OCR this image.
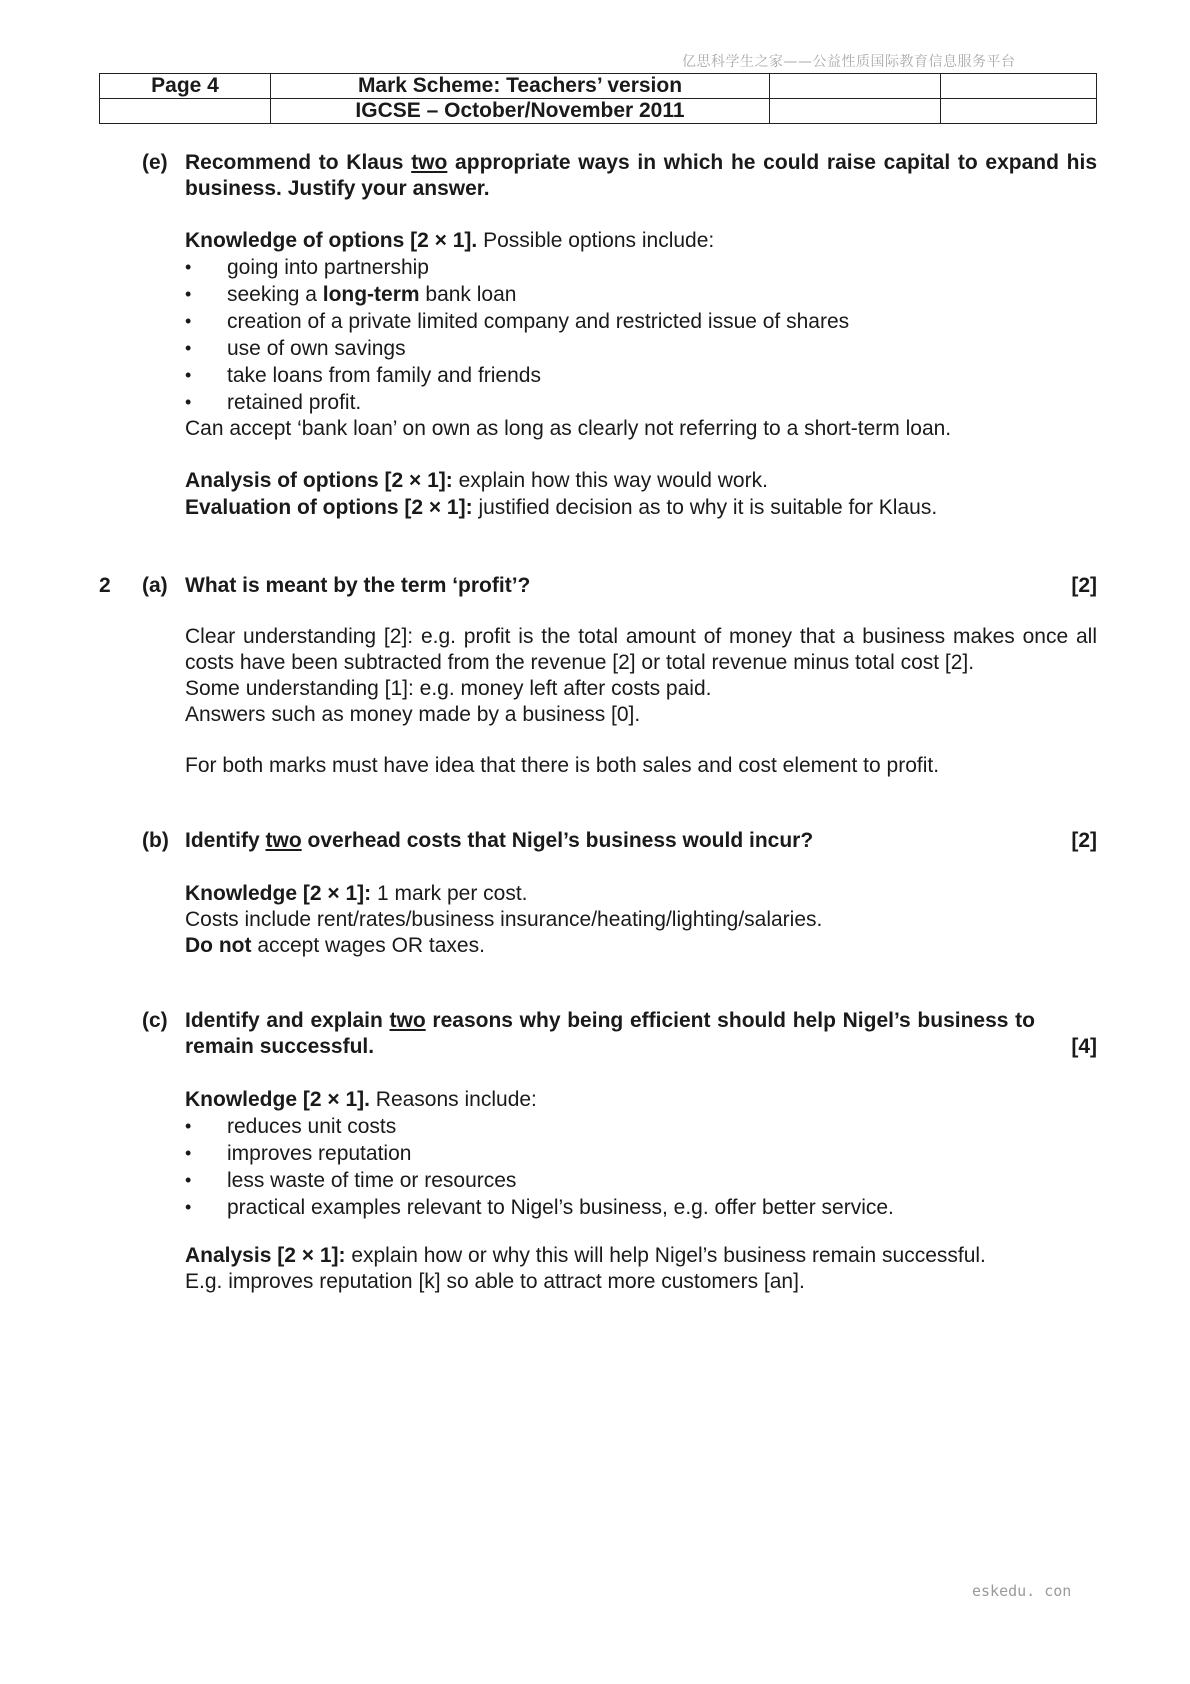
亿思科学生之家——公益性质国际教育信息服务平台
Page 4	Mark Scheme: Teachers’ version		
	IGCSE – October/November 2011		
(e) Recommend to Klaus two appropriate ways in which he could raise capital to expand his business. Justify your answer.
Knowledge of options [2 × 1]. Possible options include:
• going into partnership
• seeking a long-term bank loan
• creation of a private limited company and restricted issue of shares
• use of own savings
• take loans from family and friends
• retained profit.
Can accept ‘bank loan’ on own as long as clearly not referring to a short-term loan.
Analysis of options [2 × 1]: explain how this way would work.
Evaluation of options [2 × 1]: justified decision as to why it is suitable for Klaus.
2 (a) What is meant by the term ‘profit’?	[2]
Clear understanding [2]: e.g. profit is the total amount of money that a business makes once all costs have been subtracted from the revenue [2] or total revenue minus total cost [2].
Some understanding [1]: e.g. money left after costs paid.
Answers such as money made by a business [0].
For both marks must have idea that there is both sales and cost element to profit.
(b) Identify two overhead costs that Nigel’s business would incur?	[2]
Knowledge [2 × 1]: 1 mark per cost.
Costs include rent/rates/business insurance/heating/lighting/salaries.
Do not accept wages OR taxes.
(c) Identify and explain two reasons why being efficient should help Nigel’s business to remain successful.	[4]
Knowledge [2 × 1]. Reasons include:
• reduces unit costs
• improves reputation
• less waste of time or resources
• practical examples relevant to Nigel’s business, e.g. offer better service.
Analysis [2 × 1]: explain how or why this will help Nigel’s business remain successful.
E.g. improves reputation [k] so able to attract more customers [an].
eskedu. con
